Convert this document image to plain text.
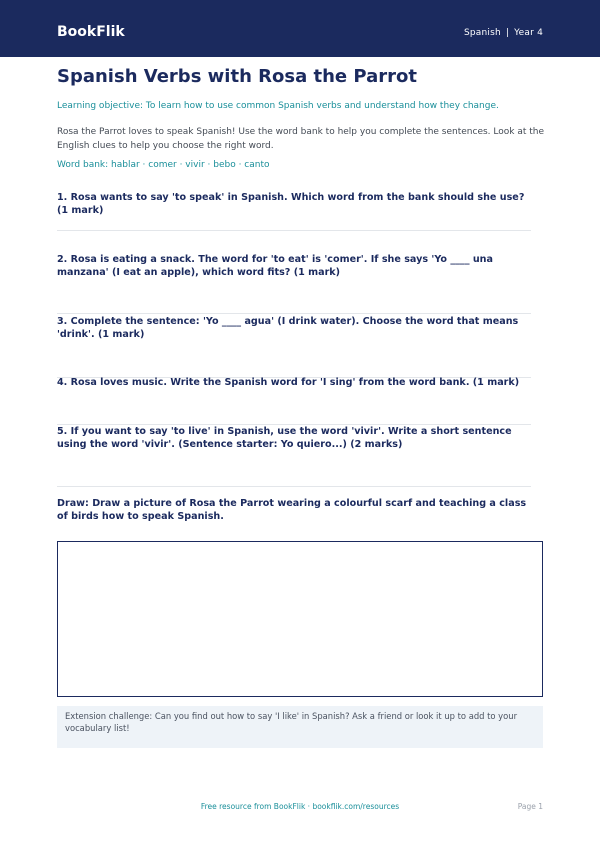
BookFlik	Spanish | Year 4
Spanish Verbs with Rosa the Parrot
Learning objective: To learn how to use common Spanish verbs and understand how they change.
Rosa the Parrot loves to speak Spanish! Use the word bank to help you complete the sentences. Look at the English clues to help you choose the right word.
Word bank: hablar · comer · vivir · bebo · canto
1. Rosa wants to say 'to speak' in Spanish. Which word from the bank should she use? (1 mark)
2. Rosa is eating a snack. The word for 'to eat' is 'comer'. If she says 'Yo ____ una manzana' (I eat an apple), which word fits? (1 mark)
3. Complete the sentence: 'Yo ____ agua' (I drink water). Choose the word that means 'drink'. (1 mark)
4. Rosa loves music. Write the Spanish word for 'I sing' from the word bank. (1 mark)
5. If you want to say 'to live' in Spanish, use the word 'vivir'. Write a short sentence using the word 'vivir'. (Sentence starter: Yo quiero...) (2 marks)
Draw: Draw a picture of Rosa the Parrot wearing a colourful scarf and teaching a class of birds how to speak Spanish.
Extension challenge: Can you find out how to say 'I like' in Spanish? Ask a friend or look it up to add to your vocabulary list!
Free resource from BookFlik · bookflik.com/resources	Page 1
